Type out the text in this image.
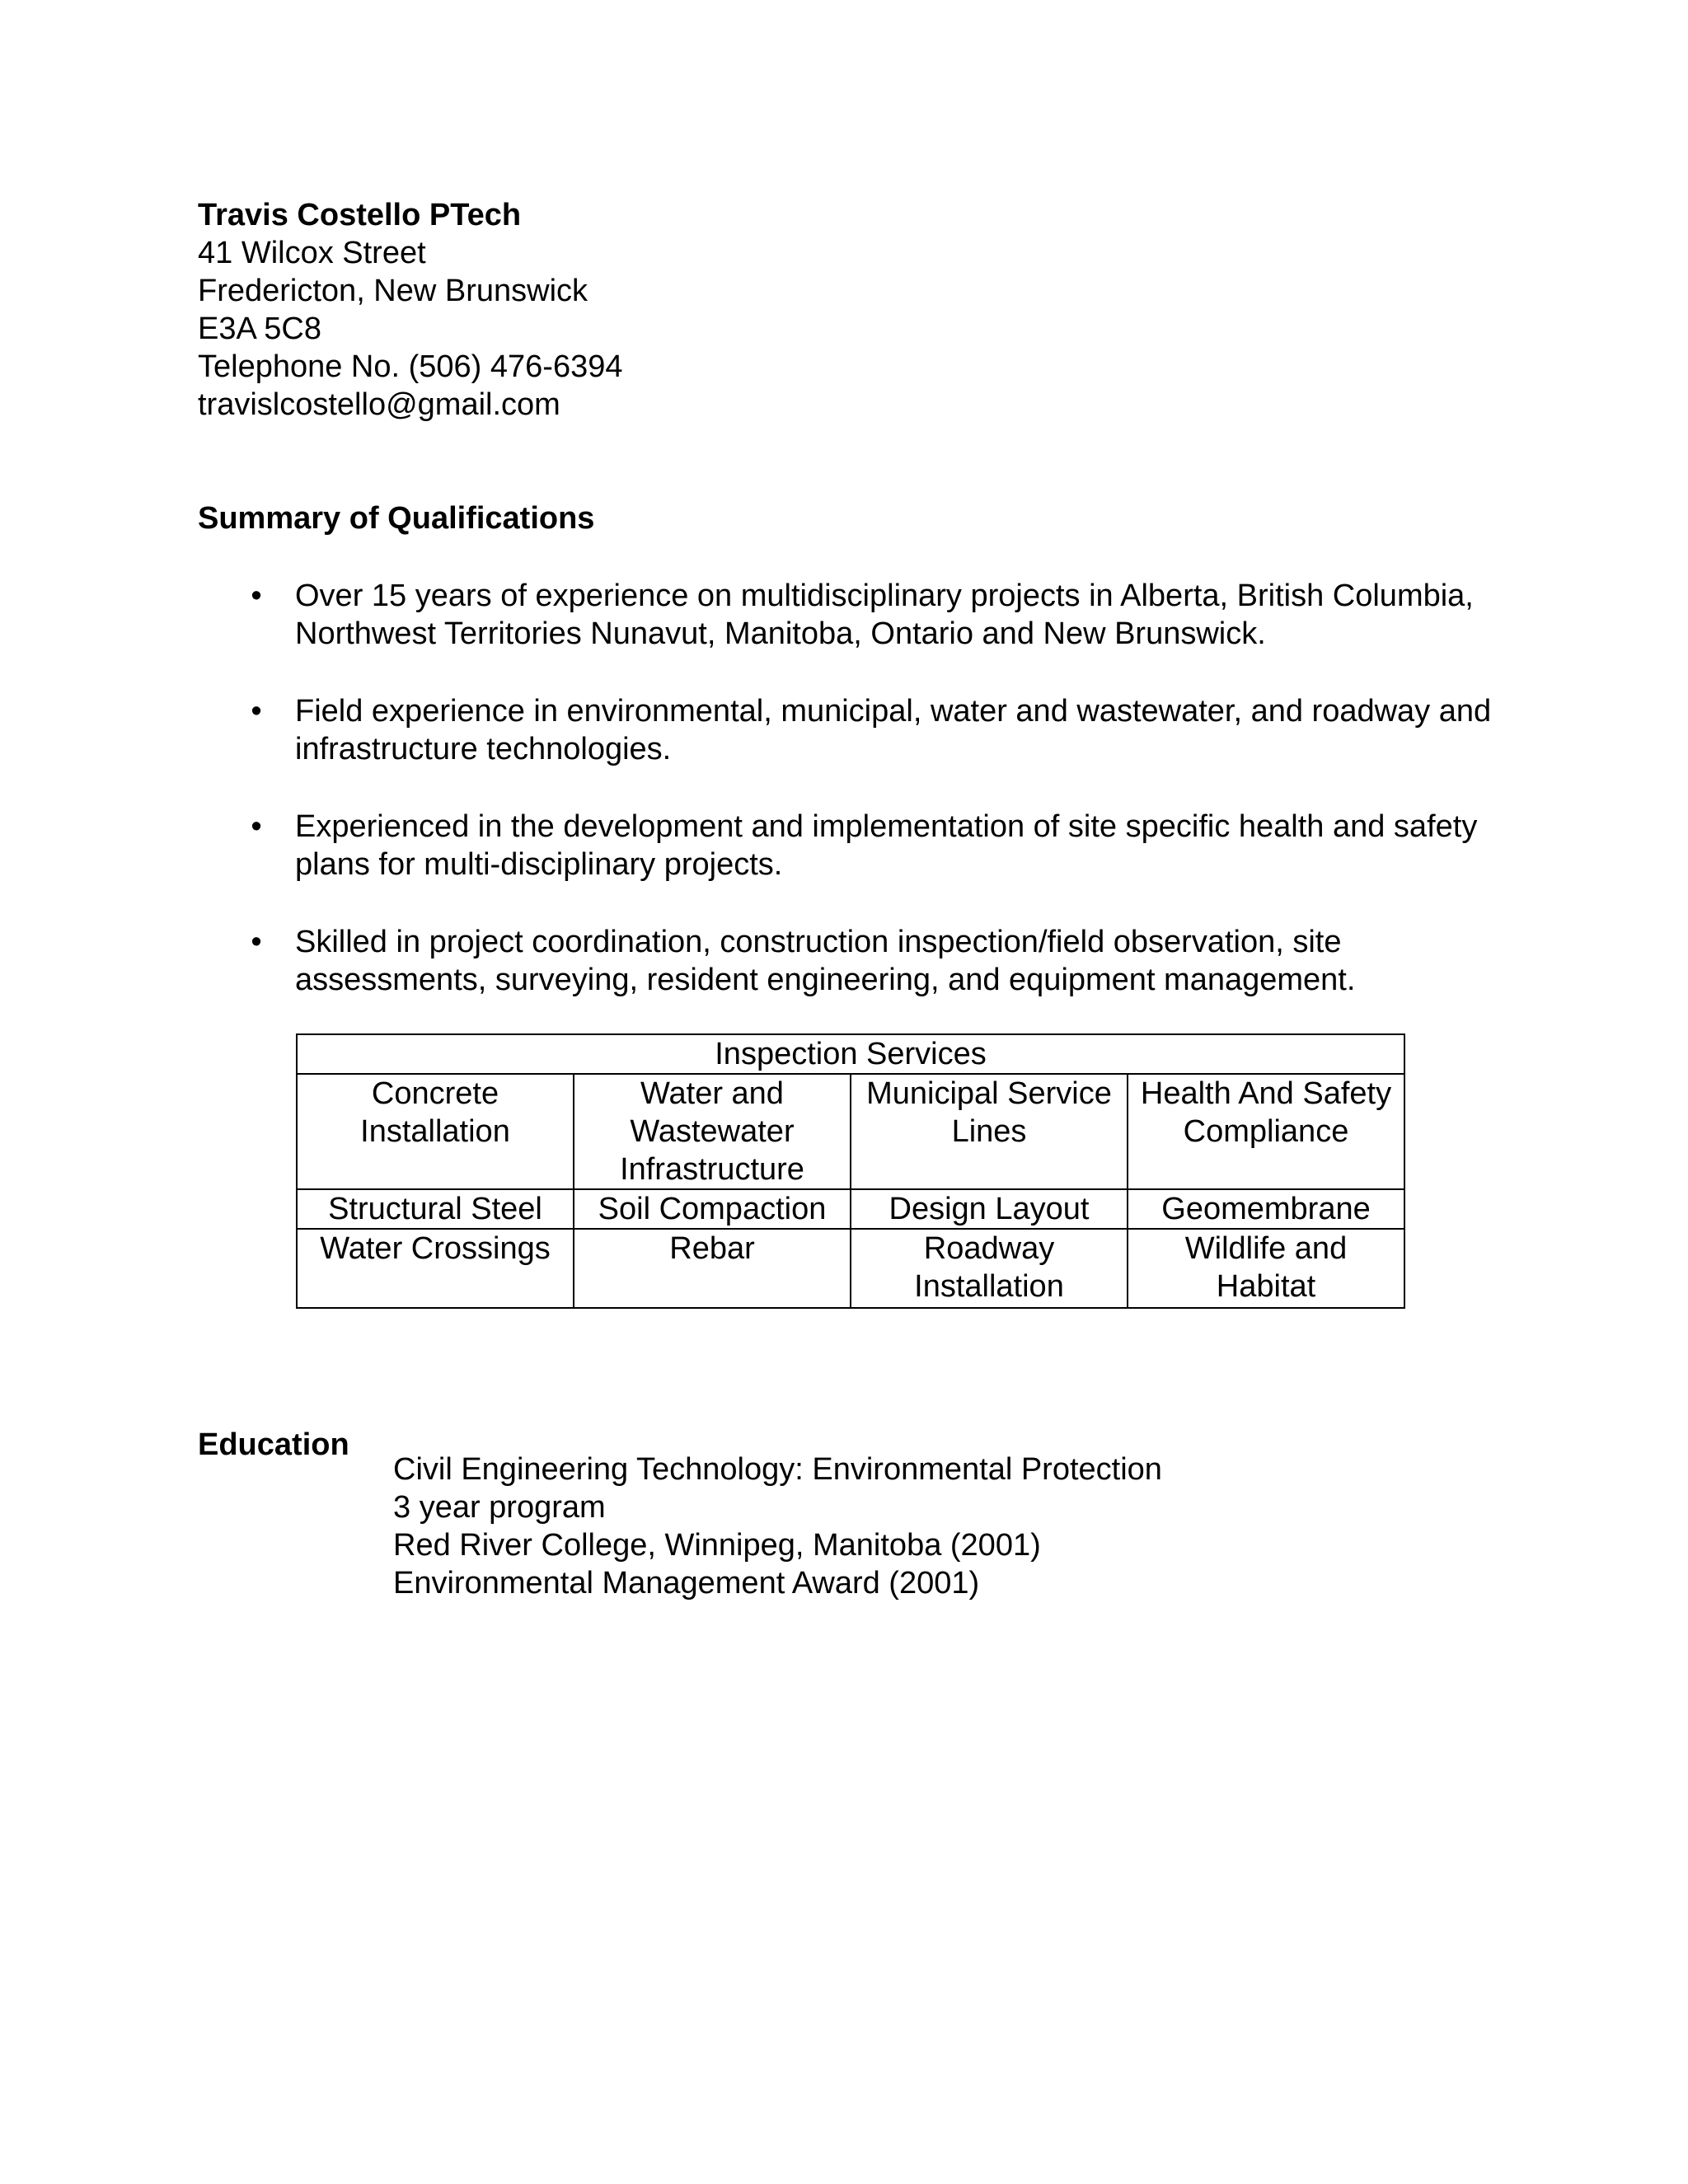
Travis Costello PTech
41 Wilcox Street
Fredericton, New Brunswick
E3A 5C8
Telephone No. (506) 476-6394
travislcostello@gmail.com
Summary of Qualifications
• Over 15 years of experience on multidisciplinary projects in Alberta, British Columbia, Northwest Territories Nunavut, Manitoba, Ontario and New Brunswick.
• Field experience in environmental, municipal, water and wastewater, and roadway and infrastructure technologies.
• Experienced in the development and implementation of site specific health and safety plans for multi-disciplinary projects.
• Skilled in project coordination, construction inspection/field observation, site assessments, surveying, resident engineering, and equipment management.
Inspection Services			
Concrete Installation	Water and Wastewater Infrastructure	Municipal Service Lines	Health And Safety Compliance
Structural Steel	Soil Compaction	Design Layout	Geomembrane
Water Crossings	Rebar	Roadway Installation	Wildlife and Habitat
Education
Civil Engineering Technology: Environmental Protection
3 year program
Red River College, Winnipeg, Manitoba (2001)
Environmental Management Award (2001)
